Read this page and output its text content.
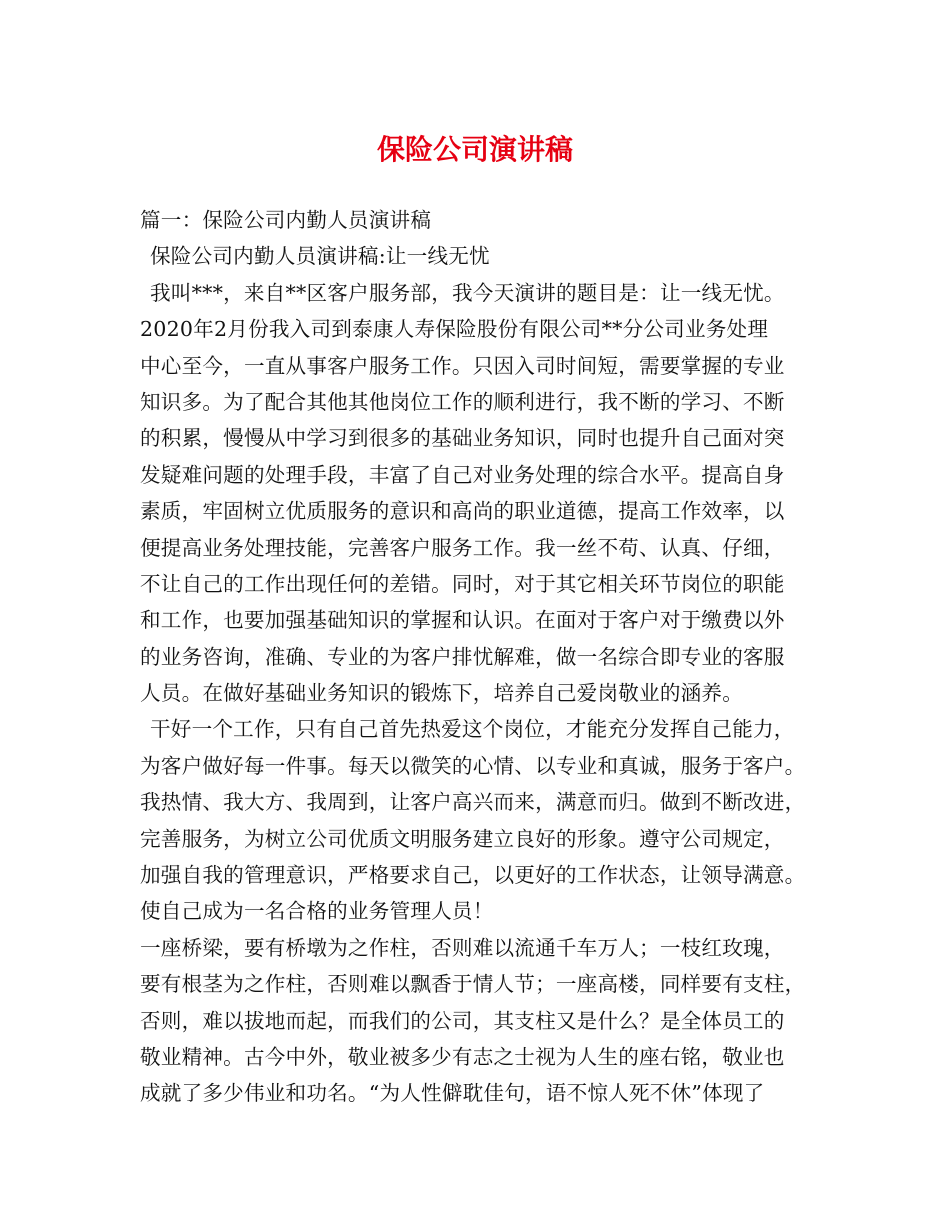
保险公司演讲稿
篇一：保险公司内勤人员演讲稿
保险公司内勤人员演讲稿:让一线无忧
我叫***，来自**区客户服务部，我今天演讲的题目是：让一线无忧。
2020年2月份我入司到泰康人寿保险股份有限公司**分公司业务处理
中心至今，一直从事客户服务工作。只因入司时间短，需要掌握的专业
知识多。为了配合其他其他岗位工作的顺利进行，我不断的学习、不断
的积累，慢慢从中学习到很多的基础业务知识，同时也提升自己面对突
发疑难问题的处理手段，丰富了自己对业务处理的综合水平。提高自身
素质，牢固树立优质服务的意识和高尚的职业道德，提高工作效率，以
便提高业务处理技能，完善客户服务工作。我一丝不苟、认真、仔细，
不让自己的工作出现任何的差错。同时，对于其它相关环节岗位的职能
和工作，也要加强基础知识的掌握和认识。在面对于客户对于缴费以外
的业务咨询，准确、专业的为客户排忧解难，做一名综合即专业的客服
人员。在做好基础业务知识的锻炼下，培养自己爱岗敬业的涵养。
干好一个工作，只有自己首先热爱这个岗位，才能充分发挥自己能力，
为客户做好每一件事。每天以微笑的心情、以专业和真诚，服务于客户。
我热情、我大方、我周到，让客户高兴而来，满意而归。做到不断改进，
完善服务，为树立公司优质文明服务建立良好的形象。遵守公司规定，
加强自我的管理意识，严格要求自己，以更好的工作状态，让领导满意。
使自己成为一名合格的业务管理人员！
一座桥梁，要有桥墩为之作柱，否则难以流通千车万人；一枝红玫瑰，
要有根茎为之作柱，否则难以飘香于情人节；一座高楼，同样要有支柱，
否则，难以拔地而起，而我们的公司，其支柱又是什么？是全体员工的
敬业精神。古今中外，敬业被多少有志之士视为人生的座右铭，敬业也
成就了多少伟业和功名。“为人性僻耽佳句，语不惊人死不休”体现了
